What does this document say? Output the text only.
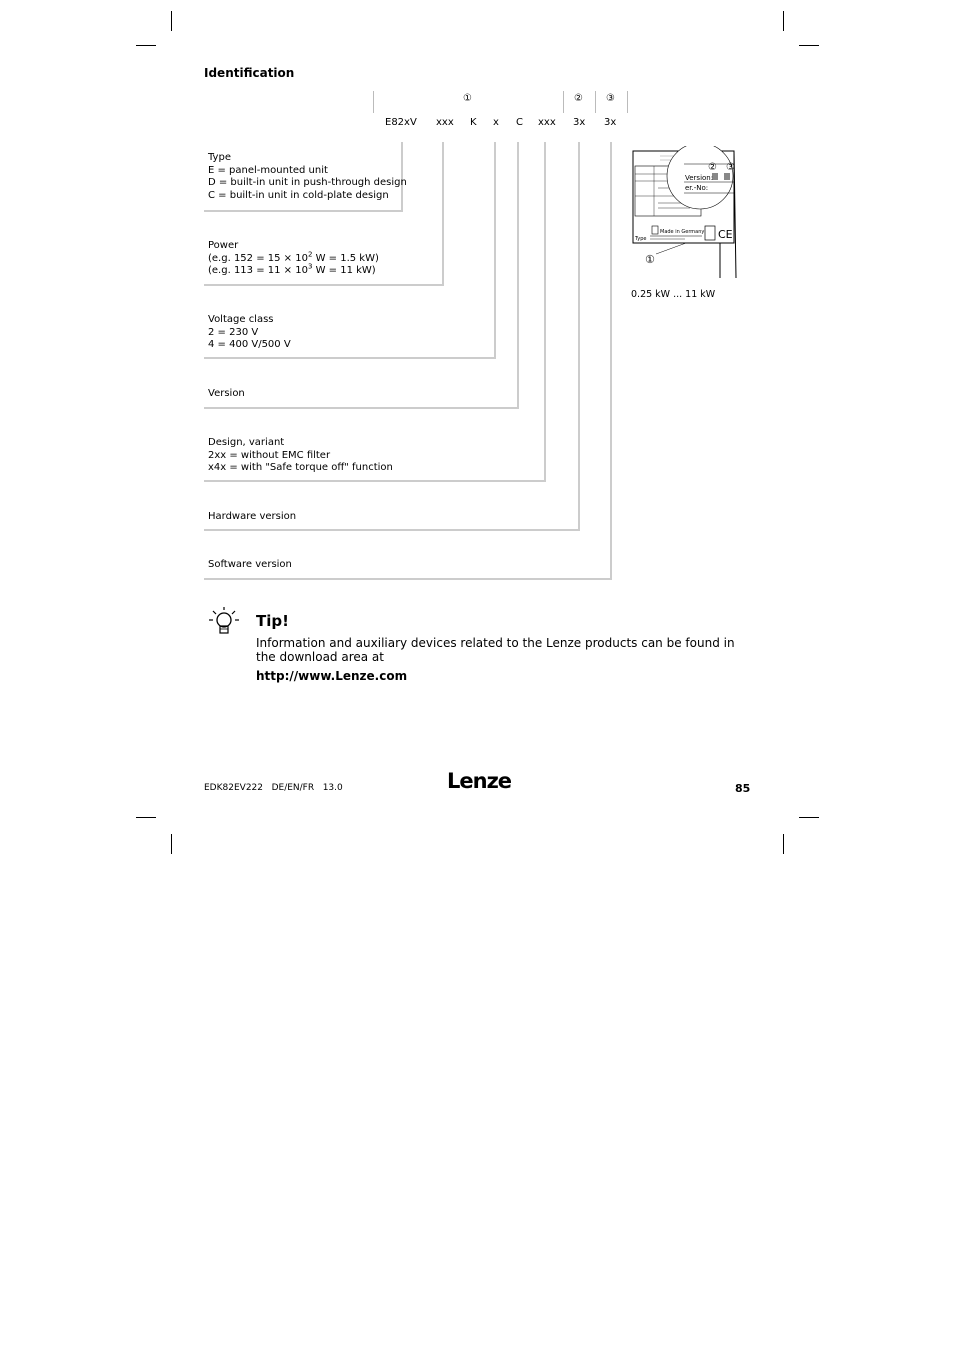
Identification
①	② ③
E82xV xxx K x C xxx 3x 3x
Type
E = panel-mounted unit
D = built-in unit in push-through design
C = built-in unit in cold-plate design
Power
(e.g. $152 = 15 \times 10^2$ W = 1.5 kW)
(e.g. $113 = 11 \times 10^3$ W = 11 kW)
Voltage class
2 = 230 V
4 = 400 V/500 V
Version
Design, variant
2xx = without EMC filter
x4x = with "Safe torque off" function
Hardware version
Software version
Version:
er.-No:
② ③
Made in Germany
Type	CE
①
0.25 kW ... 11 kW
Tip!
Information and auxiliary devices related to the Lenze products can be found in the download area at
http://www.Lenze.com
EDK82EV222   DE/EN/FR   13.0	Lenze	85
